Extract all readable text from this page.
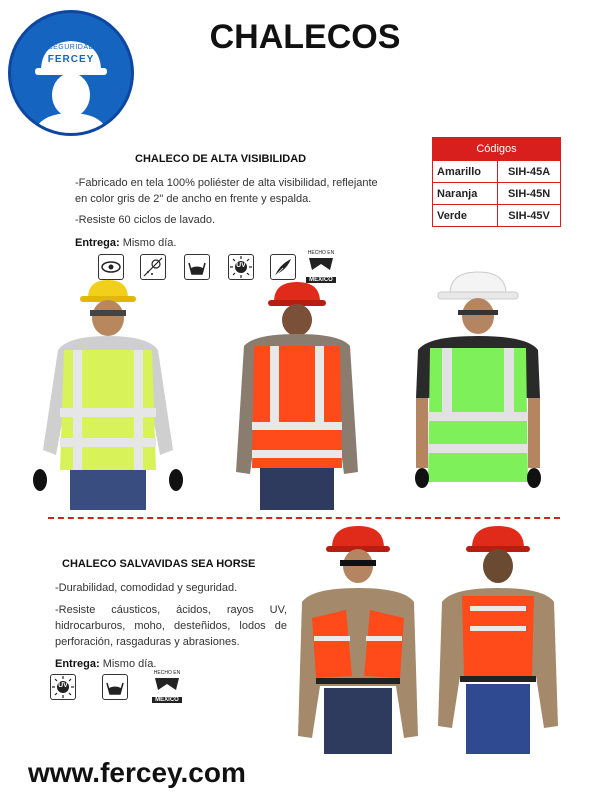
EQUIPOS
SEGURIDAD
FERCEY
CHALECOS
CHALECO DE ALTA VISIBILIDAD
-Fabricado en tela 100% poliéster de alta visibilidad, reflejante en color gris de 2" de ancho en frente y espalda.
-Resiste 60 ciclos de lavado.
Entrega: Mismo día.
Códigos	
Amarillo	SIH-45A
Naranja	SIH-45N
Verde	SIH-45V
UV
HECHO EN
MÉXICO
CHALECO SALVAVIDAS SEA HORSE
-Durabilidad, comodidad y seguridad.
-Resiste cáusticos, ácidos, rayos UV, hidrocarburos, moho, desteñidos, lodos de perforación, rasgaduras y abrasiones.
Entrega: Mismo día.
UV
HECHO EN
MÉXICO
www.fercey.com
